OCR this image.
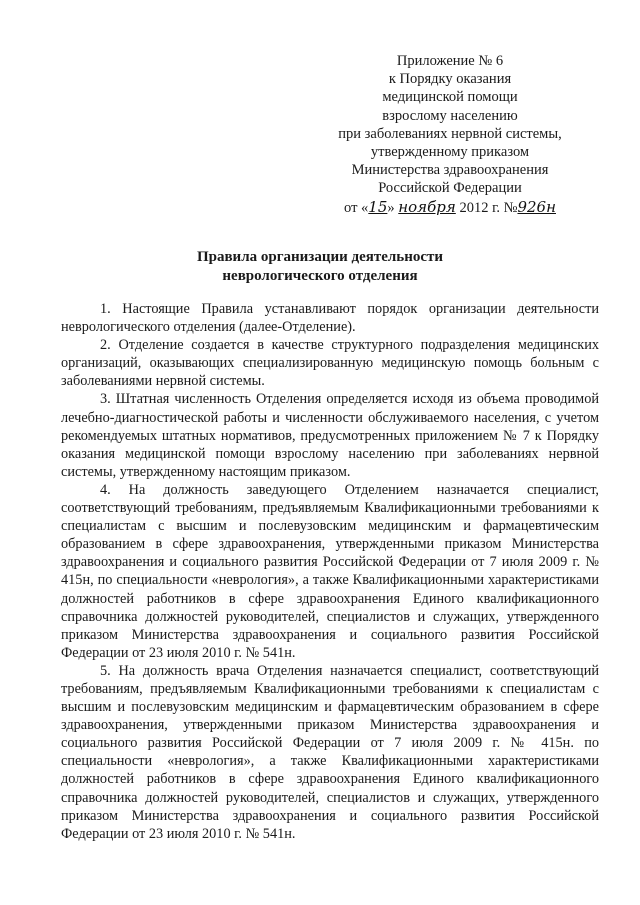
Приложение № 6
к Порядку оказания
медицинской помощи
взрослому населению
при заболеваниях нервной системы,
утвержденному приказом
Министерства здравоохранения
Российской Федерации
от «15» ноября 2012 г. №926н
Правила организации деятельности
неврологического отделения

1. Настоящие Правила устанавливают порядок организации деятельности неврологического отделения (далее-Отделение).

2. Отделение создается в качестве структурного подразделения медицинских организаций, оказывающих специализированную медицинскую помощь больным с заболеваниями нервной системы.

3. Штатная численность Отделения определяется исходя из объема проводимой лечебно-диагностической работы и численности обслуживаемого населения, с учетом рекомендуемых штатных нормативов, предусмотренных приложением № 7 к Порядку оказания медицинской помощи взрослому населению при заболеваниях нервной системы, утвержденному настоящим приказом.

4. На должность заведующего Отделением назначается специалист, соответствующий требованиям, предъявляемым Квалификационными требованиями к специалистам с высшим и послевузовским медицинским и фармацевтическим образованием в сфере здравоохранения, утвержденными приказом Министерства здравоохранения и социального развития Российской Федерации от 7 июля 2009 г. № 415н, по специальности «неврология», а также Квалификационными характеристиками должностей работников в сфере здравоохранения Единого квалификационного справочника должностей руководителей, специалистов и служащих, утвержденного приказом Министерства здравоохранения и социального развития Российской Федерации от 23 июля 2010 г. № 541н.

5. На должность врача Отделения назначается специалист, соответствующий требованиям, предъявляемым Квалификационными требованиями к специалистам с высшим и послевузовским медицинским и фармацевтическим образованием в сфере здравоохранения, утвержденными приказом Министерства здравоохранения и социального развития Российской Федерации от 7 июля 2009 г. № 415н. по специальности «неврология», а также Квалификационными характеристиками должностей работников в сфере здравоохранения Единого квалификационного справочника должностей руководителей, специалистов и служащих, утвержденного приказом Министерства здравоохранения и социального развития Российской Федерации от 23 июля 2010 г. № 541н.
